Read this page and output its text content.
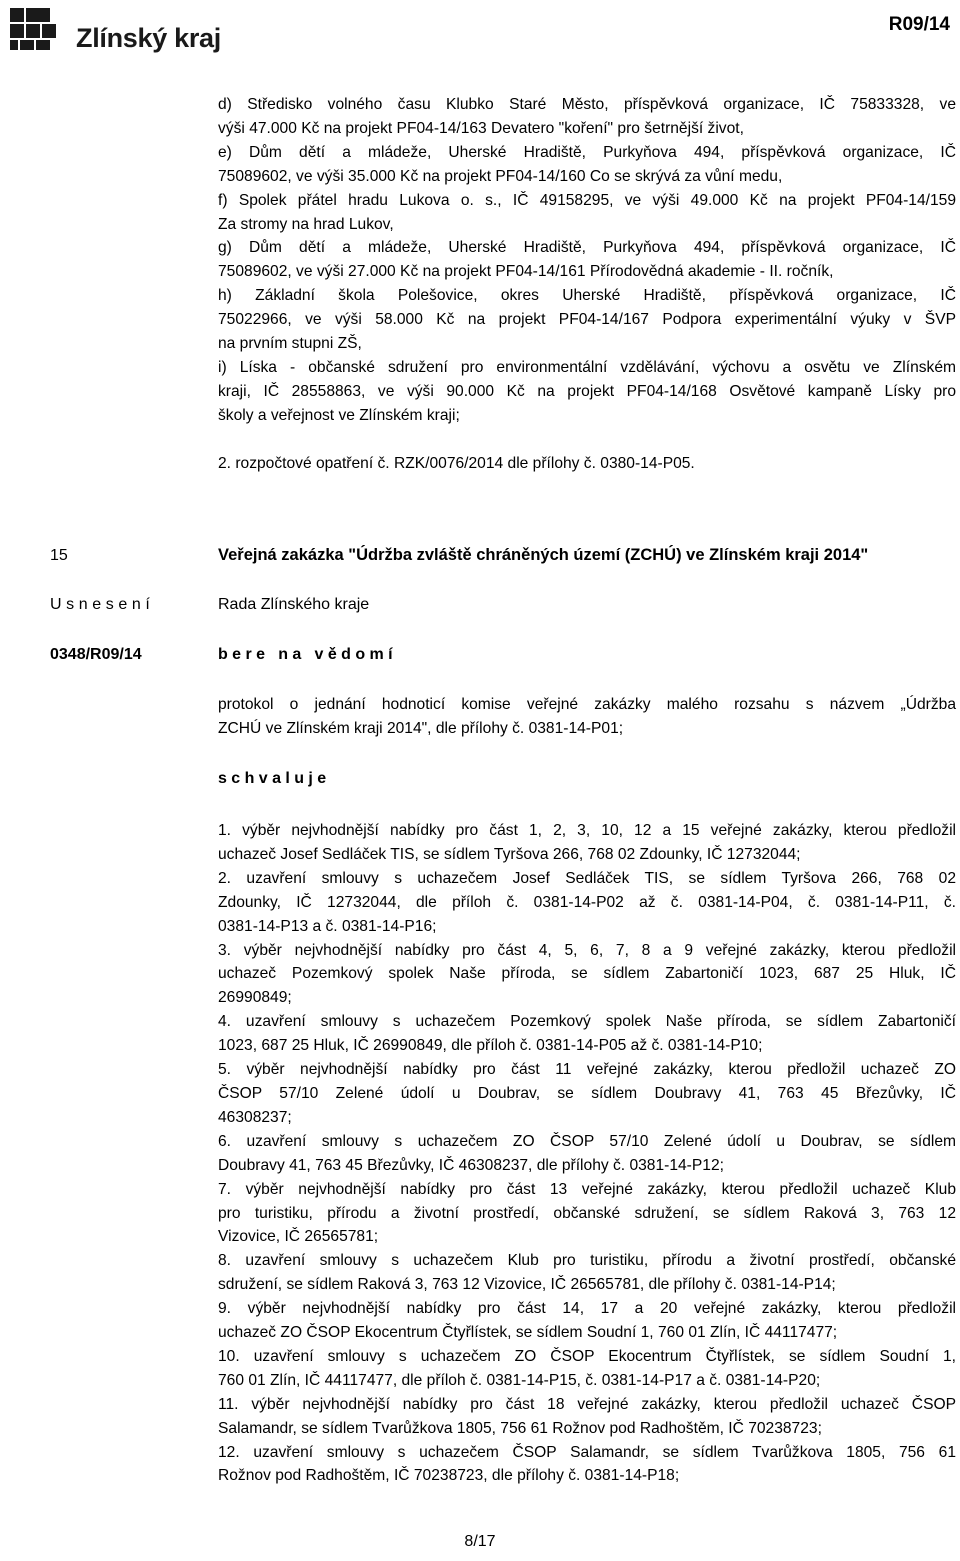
Zlínský kraj	R09/14
d) Středisko volného času Klubko Staré Město, příspěvková organizace, IČ 75833328, ve
výši 47.000 Kč na projekt PF04-14/163 Devatero "koření" pro šetrnější život,
e) Dům dětí a mládeže, Uherské Hradiště, Purkyňova 494, příspěvková organizace, IČ
75089602, ve výši 35.000 Kč na projekt PF04-14/160 Co se skrývá za vůní medu,
f) Spolek přátel hradu Lukova o. s., IČ 49158295, ve výši 49.000 Kč na projekt PF04-14/159
Za stromy na hrad Lukov,
g) Dům dětí a mládeže, Uherské Hradiště, Purkyňova 494, příspěvková organizace, IČ
75089602, ve výši 27.000 Kč na projekt PF04-14/161 Přírodovědná akademie - II. ročník,
h) Základní škola Polešovice, okres Uherské Hradiště, příspěvková organizace, IČ
75022966, ve výši 58.000 Kč na projekt PF04-14/167 Podpora experimentální výuky v ŠVP
na prvním stupni ZŠ,
i) Líska - občanské sdružení pro environmentální vzdělávání, výchovu a osvětu ve Zlínském
kraji, IČ 28558863, ve výši 90.000 Kč na projekt PF04-14/168 Osvětové kampaně Lísky pro
školy a veřejnost ve Zlínském kraji;
2. rozpočtové opatření č. RZK/0076/2014 dle přílohy č. 0380-14-P05.
15	Veřejná zakázka "Údržba zvláště chráněných území (ZCHÚ) ve Zlínském kraji 2014"
Usnesení	Rada Zlínského kraje
0348/R09/14	bere na vědomí
protokol o jednání hodnoticí komise veřejné zakázky malého rozsahu s názvem „Údržba
ZCHÚ ve Zlínském kraji 2014", dle přílohy č. 0381-14-P01;
schvaluje
1. výběr nejvhodnější nabídky pro část 1, 2, 3, 10, 12 a 15 veřejné zakázky, kterou předložil
uchazeč Josef Sedláček TIS, se sídlem Tyršova 266, 768 02 Zdounky, IČ 12732044;
2. uzavření smlouvy s uchazečem Josef Sedláček TIS, se sídlem Tyršova 266, 768 02
Zdounky, IČ 12732044, dle příloh č. 0381-14-P02 až č. 0381-14-P04, č. 0381-14-P11, č.
0381-14-P13 a č. 0381-14-P16;
3. výběr nejvhodnější nabídky pro část 4, 5, 6, 7, 8 a 9 veřejné zakázky, kterou předložil
uchazeč Pozemkový spolek Naše příroda, se sídlem Zabartoničí 1023, 687 25 Hluk, IČ
26990849;
4. uzavření smlouvy s uchazečem Pozemkový spolek Naše příroda, se sídlem Zabartoničí
1023, 687 25 Hluk, IČ 26990849, dle příloh č. 0381-14-P05 až č. 0381-14-P10;
5. výběr nejvhodnější nabídky pro část 11 veřejné zakázky, kterou předložil uchazeč ZO
ČSOP 57/10 Zelené údolí u Doubrav, se sídlem Doubravy 41, 763 45 Březůvky, IČ
46308237;
6. uzavření smlouvy s uchazečem ZO ČSOP 57/10 Zelené údolí u Doubrav, se sídlem
Doubravy 41, 763 45 Březůvky, IČ 46308237, dle přílohy č. 0381-14-P12;
7. výběr nejvhodnější nabídky pro část 13 veřejné zakázky, kterou předložil uchazeč Klub
pro turistiku, přírodu a životní prostředí, občanské sdružení, se sídlem Raková 3, 763 12
Vizovice, IČ 26565781;
8. uzavření smlouvy s uchazečem Klub pro turistiku, přírodu a životní prostředí, občanské
sdružení, se sídlem Raková 3, 763 12 Vizovice, IČ 26565781, dle přílohy č. 0381-14-P14;
9. výběr nejvhodnější nabídky pro část 14, 17 a 20 veřejné zakázky, kterou předložil
uchazeč ZO ČSOP Ekocentrum Čtyřlístek, se sídlem Soudní 1, 760 01 Zlín, IČ 44117477;
10. uzavření smlouvy s uchazečem ZO ČSOP Ekocentrum Čtyřlístek, se sídlem Soudní 1,
760 01 Zlín, IČ 44117477, dle příloh č. 0381-14-P15, č. 0381-14-P17 a č. 0381-14-P20;
11. výběr nejvhodnější nabídky pro část 18 veřejné zakázky, kterou předložil uchazeč ČSOP
Salamandr, se sídlem Tvarůžkova 1805, 756 61 Rožnov pod Radhoštěm, IČ 70238723;
12. uzavření smlouvy s uchazečem ČSOP Salamandr, se sídlem Tvarůžkova 1805, 756 61
Rožnov pod Radhoštěm, IČ 70238723, dle přílohy č. 0381-14-P18;
8/17
